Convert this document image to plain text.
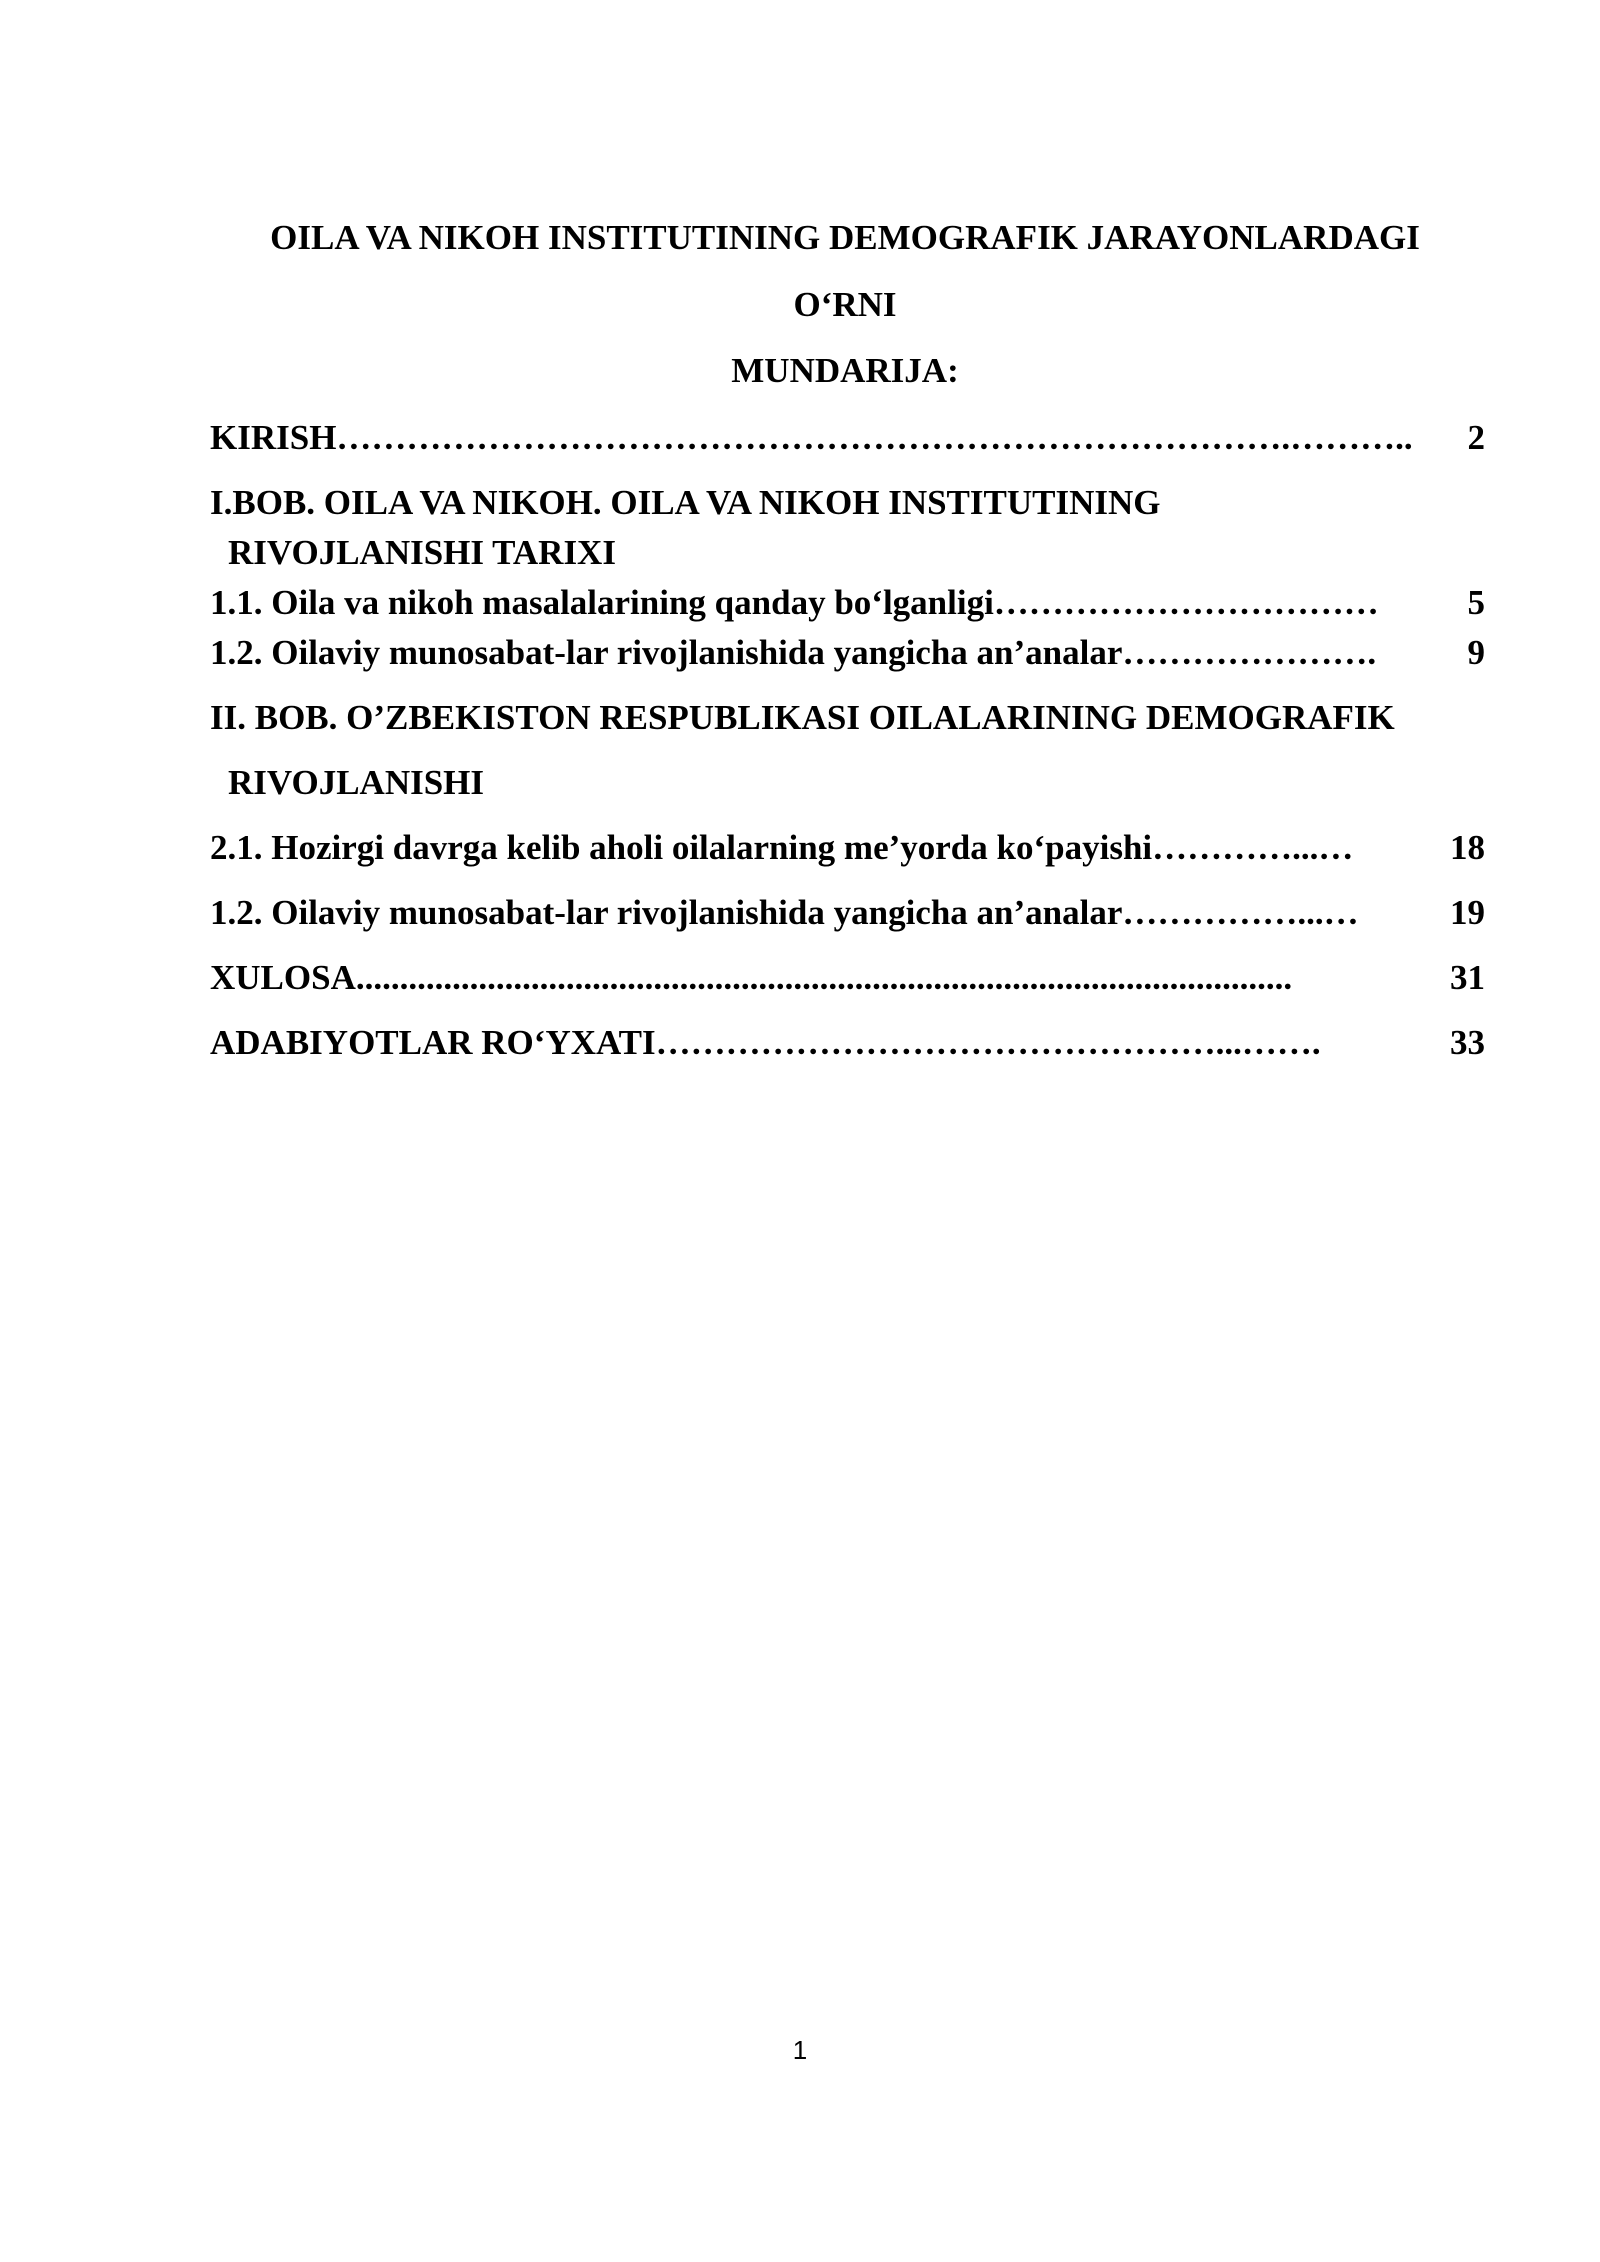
OILA VA NIKOH INSTITUTINING DEMOGRAFIK JARAYONLARDAGI
O‘RNI
MUNDARIJA:
KIRISH……………………………………………………………………….………..	2
I.BOB. OILA VA NIKOH. OILA VA NIKOH INSTITUTINING
RIVOJLANISHI TARIXI
1.1. Oila va nikoh masalalarining qanday bo‘lganligi……………………………	5
1.2. Oilaviy munosabat-lar rivojlanishida yangicha an’analar………………….	9
II. BOB. O’ZBEKISTON RESPUBLIKASI OILALARINING DEMOGRAFIK
RIVOJLANISHI
2.1. Hozirgi davrga kelib aholi oilalarning me’yorda ko‘payishi…………...…	18
1.2. Oilaviy munosabat-lar rivojlanishida yangicha an’analar……………...…	19
XULOSA...........................................................................................................	31
ADABIYOTLAR RO‘YXATI…………………………………………...…….	33
1
